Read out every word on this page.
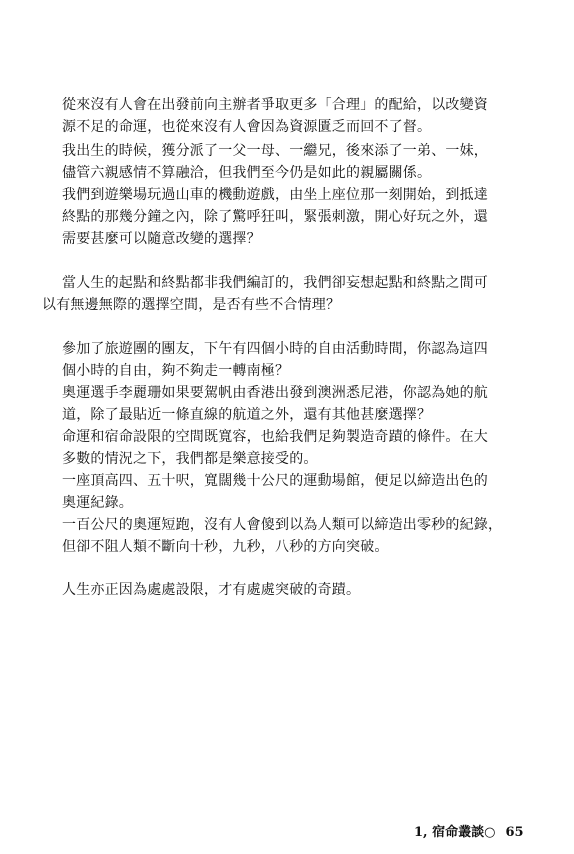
從來沒有人會在出發前向主辦者爭取更多「合理」的配給，以改變資
源不足的命運，也從來沒有人會因為資源匱乏而回不了督。
我出生的時候，獲分派了一父一母、一繼兄，後來添了一弟、一妹，
儘管六親感情不算融洽，但我們至今仍是如此的親屬關係。
我們到遊樂場玩過山車的機動遊戲，由坐上座位那一刻開始，到抵達
終點的那幾分鐘之內，除了驚呼狂叫，緊張刺激，開心好玩之外，還
需要甚麼可以隨意改變的選擇？
當人生的起點和終點都非我們編訂的，我們卻妄想起點和終點之間可
以有無邊無際的選擇空間，是否有些不合情理？
參加了旅遊團的團友，下午有四個小時的自由活動時間，你認為這四
個小時的自由，夠不夠走一轉南極？
奧運選手李麗珊如果要駕帆由香港出發到澳洲悉尼港，你認為她的航
道，除了最貼近一條直線的航道之外，還有其他甚麼選擇？
命運和宿命設限的空間既寬容，也給我們足夠製造奇蹟的條件。在大
多數的情況之下，我們都是樂意接受的。
一座頂高四、五十呎，寬闊幾十公尺的運動場館，便足以締造出色的
奧運紀錄。
一百公尺的奧運短跑，沒有人會傻到以為人類可以締造出零秒的紀錄，
但卻不阻人類不斷向十秒，九秒，八秒的方向突破。
人生亦正因為處處設限，才有處處突破的奇蹟。
1, 宿命叢談○ 65
